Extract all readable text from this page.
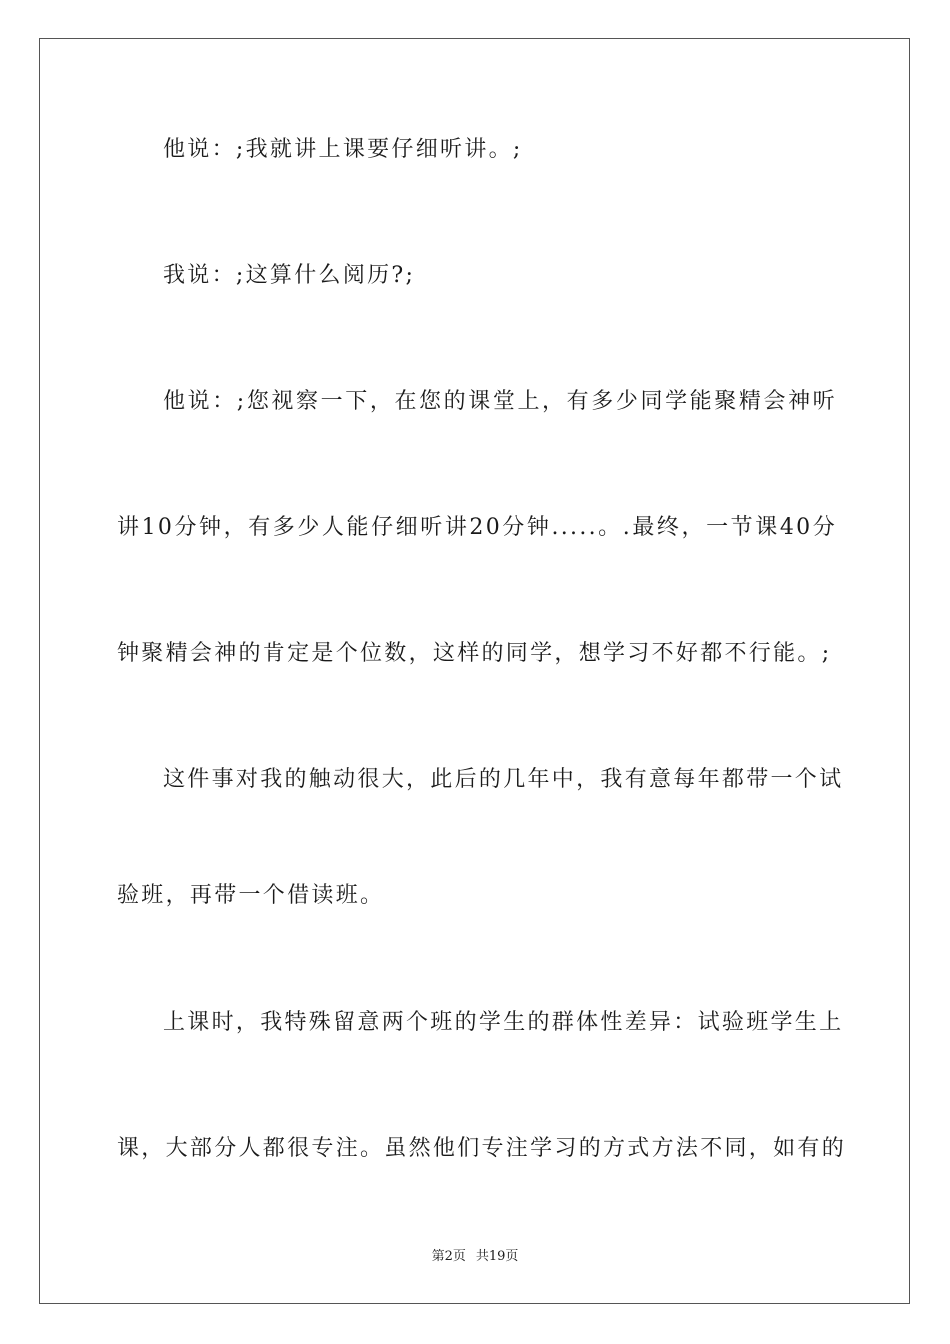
他说：;我就讲上课要仔细听讲。;
我说：;这算什么阅历?;
他说：;您视察一下，在您的课堂上，有多少同学能聚精会神听
讲10分钟，有多少人能仔细听讲20分钟.....。.最终，一节课40分
钟聚精会神的肯定是个位数，这样的同学，想学习不好都不行能。;
这件事对我的触动很大，此后的几年中，我有意每年都带一个试
验班，再带一个借读班。
上课时，我特殊留意两个班的学生的群体性差异：试验班学生上
课，大部分人都很专注。虽然他们专注学习的方式方法不同，如有的
第2页 共19页
